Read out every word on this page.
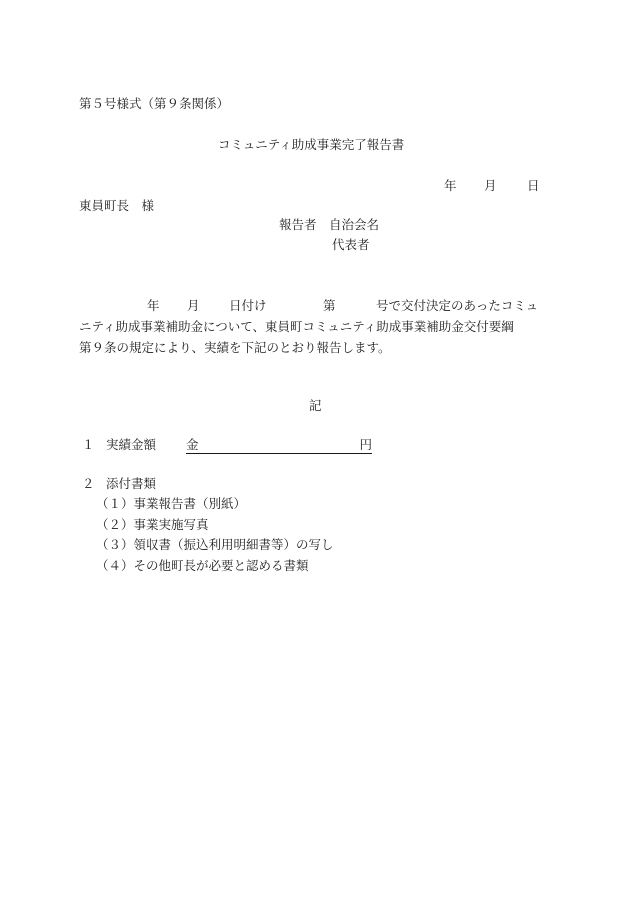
第５号様式（第９条関係）
コミュニティ助成事業完了報告書
年 月 日
東員町長　様
報告者　自治会名
代表者
年 月 日付け	第	号で交付決定のあったコミュ
ニティ助成事業補助金について、東員町コミュニティ助成事業補助金交付要綱
第９条の規定により、実績を下記のとおり報告します。
記
１ 実績金額 金	円
２ 添付書類
（１）事業報告書（別紙）
（２）事業実施写真
（３）領収書（振込利用明細書等）の写し
（４）その他町長が必要と認める書類
